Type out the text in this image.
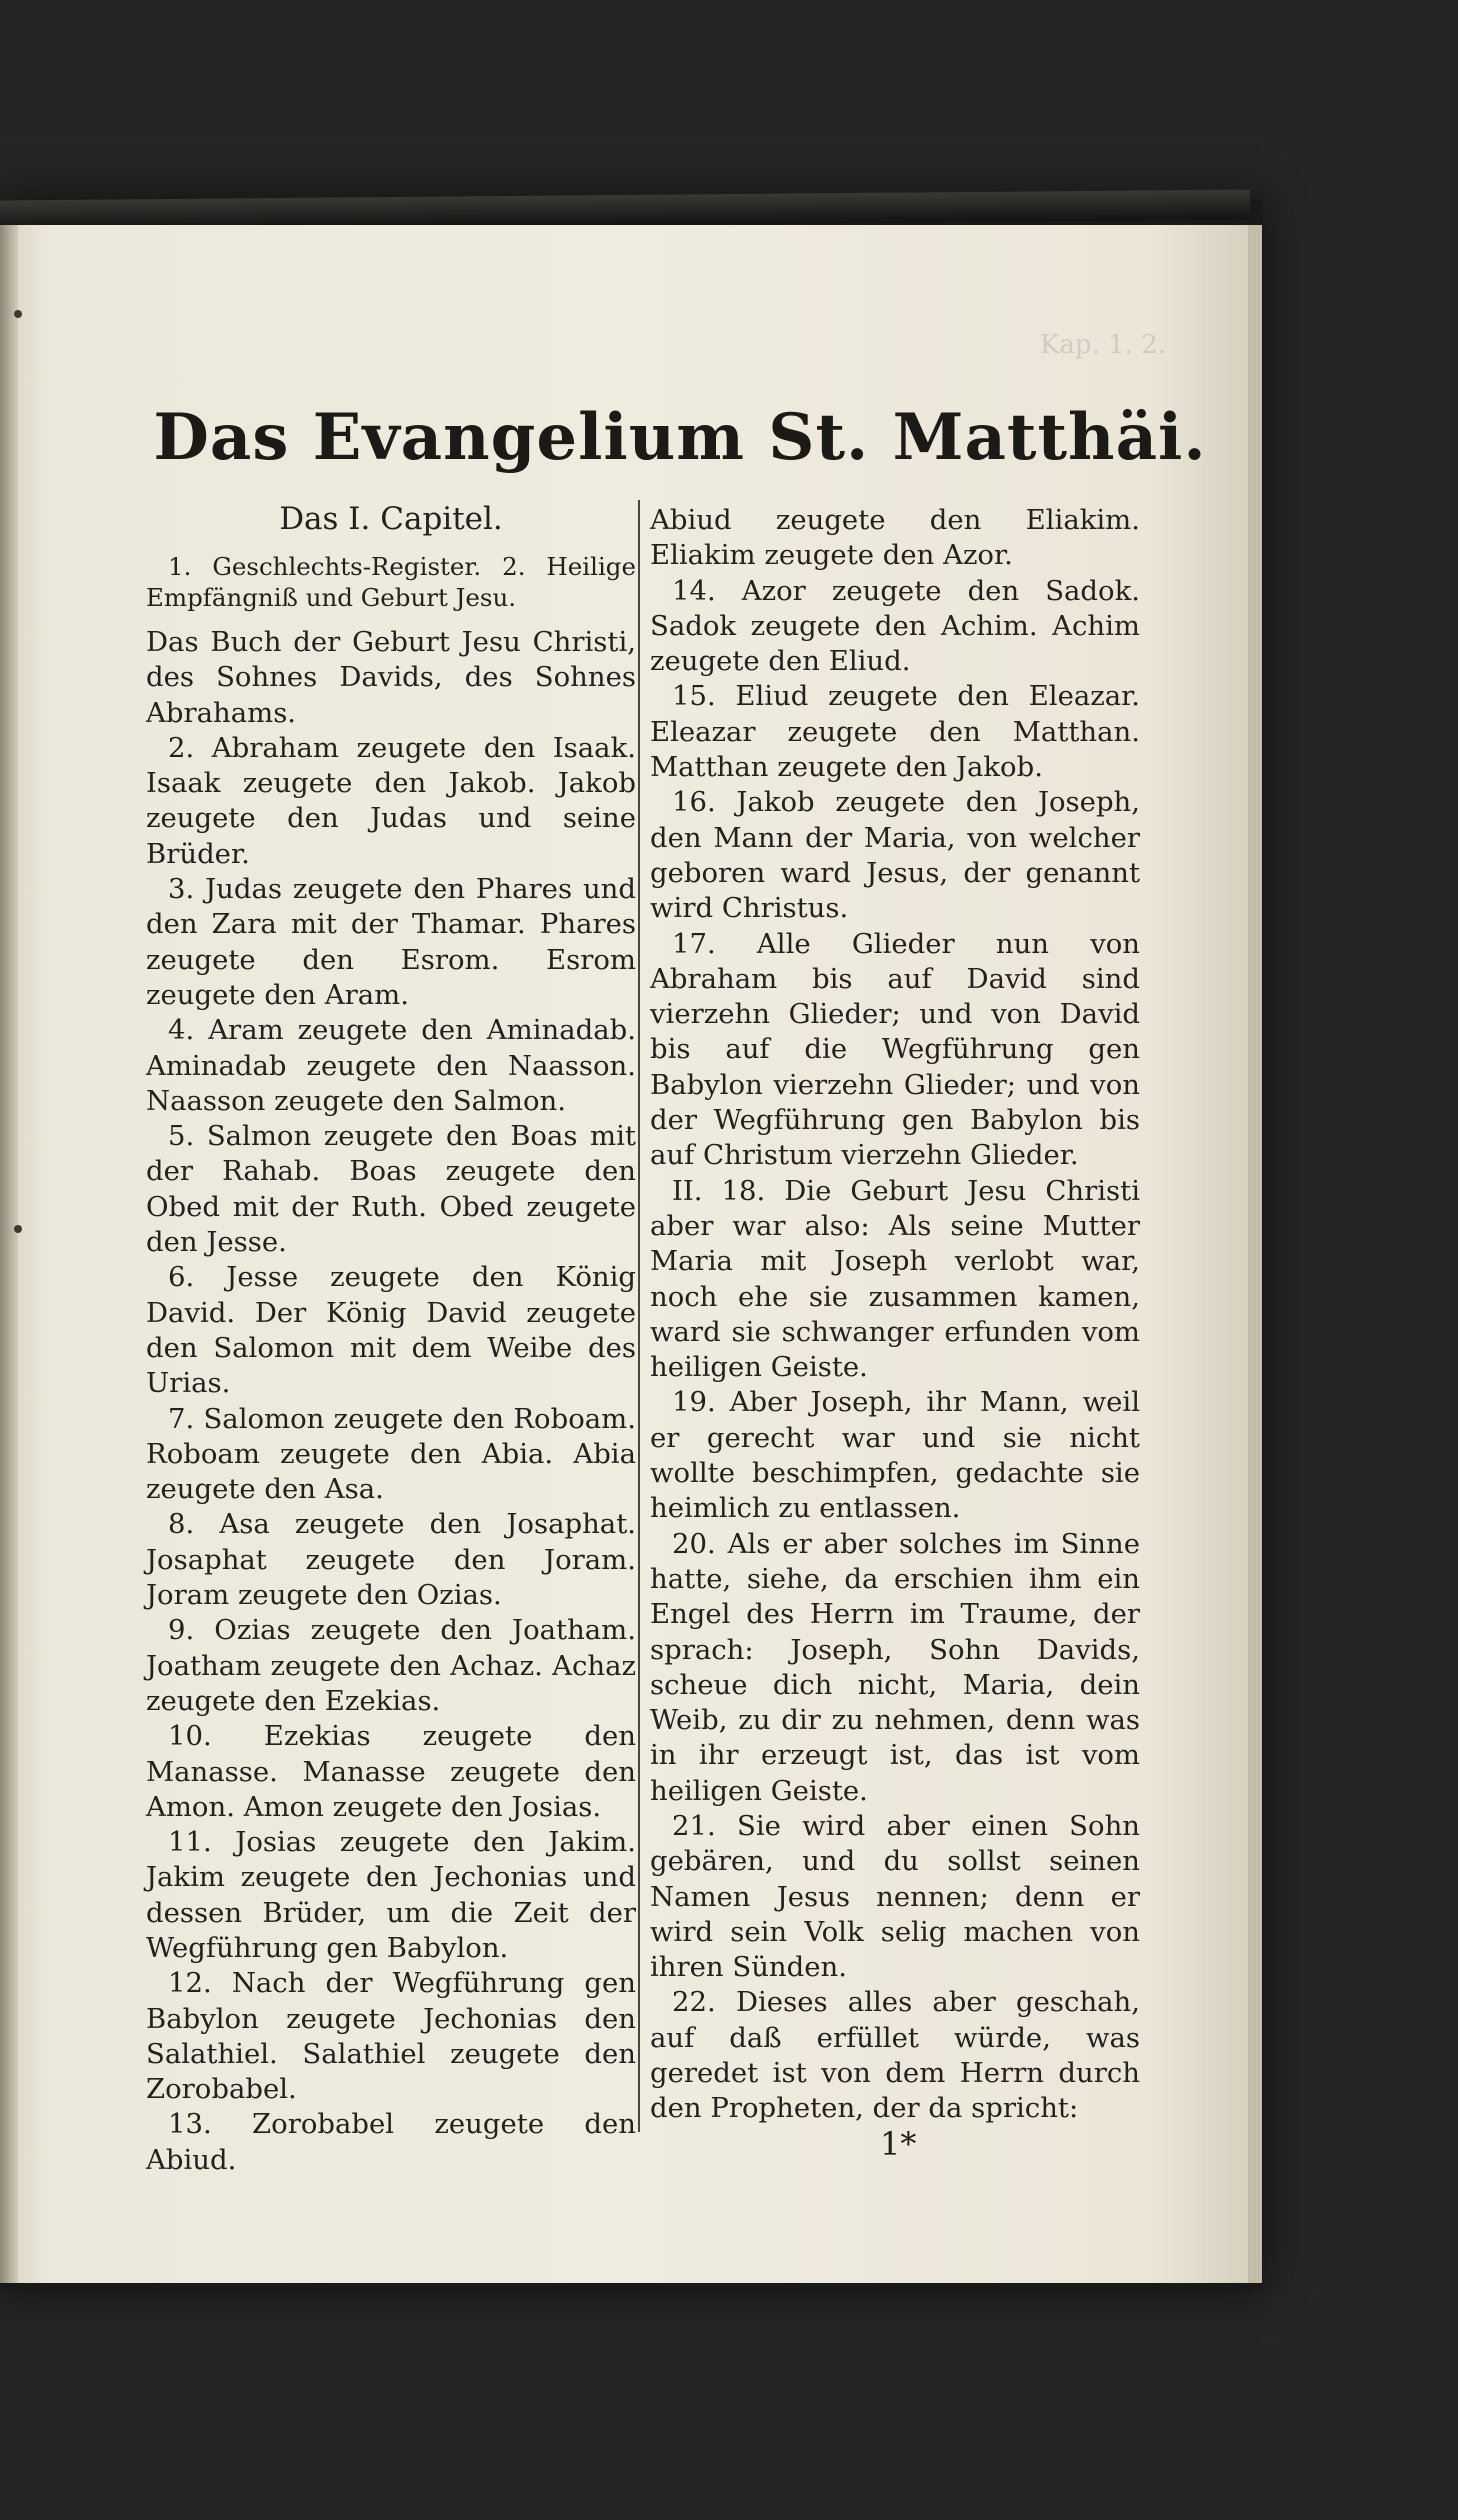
Kap. 1. 2.
Das Evangelium St. Matthäi.
Das I. Capitel.

1. Geschlechts-Register. 2. Heilige Empfängniß und Geburt Jesu.

Das Buch der Geburt Jesu Christi, des Sohnes Davids, des Sohnes Abrahams.

2. Abraham zeugete den Isaak. Isaak zeugete den Jakob. Jakob zeugete den Judas und seine Brüder.

3. Judas zeugete den Phares und den Zara mit der Thamar. Phares zeugete den Esrom. Esrom zeugete den Aram.

4. Aram zeugete den Aminadab. Aminadab zeugete den Naasson. Naasson zeugete den Salmon.

5. Salmon zeugete den Boas mit der Rahab. Boas zeugete den Obed mit der Ruth. Obed zeugete den Jesse.

6. Jesse zeugete den König David. Der König David zeugete den Salomon mit dem Weibe des Urias.

7. Salomon zeugete den Roboam. Roboam zeugete den Abia. Abia zeugete den Asa.

8. Asa zeugete den Josaphat. Josaphat zeugete den Joram. Joram zeugete den Ozias.

9. Ozias zeugete den Joatham. Joatham zeugete den Achaz. Achaz zeugete den Ezekias.

10. Ezekias zeugete den Manasse. Manasse zeugete den Amon. Amon zeugete den Josias.

11. Josias zeugete den Jakim. Jakim zeugete den Jechonias und dessen Brüder, um die Zeit der Wegführung gen Babylon.

12. Nach der Wegführung gen Babylon zeugete Jechonias den Salathiel. Salathiel zeugete den Zorobabel.

13. Zorobabel zeugete den Abiud.

Abiud zeugete den Eliakim. Eliakim zeugete den Azor.

14. Azor zeugete den Sadok. Sadok zeugete den Achim. Achim zeugete den Eliud.

15. Eliud zeugete den Eleazar. Eleazar zeugete den Matthan. Matthan zeugete den Jakob.

16. Jakob zeugete den Joseph, den Mann der Maria, von welcher geboren ward Jesus, der genannt wird Christus.

17. Alle Glieder nun von Abraham bis auf David sind vierzehn Glieder; und von David bis auf die Wegführung gen Babylon vierzehn Glieder; und von der Wegführung gen Babylon bis auf Christum vierzehn Glieder.

II. 18. Die Geburt Jesu Christi aber war also: Als seine Mutter Maria mit Joseph verlobt war, noch ehe sie zusammen kamen, ward sie schwanger erfunden vom heiligen Geiste.

19. Aber Joseph, ihr Mann, weil er gerecht war und sie nicht wollte beschimpfen, gedachte sie heimlich zu entlassen.

20. Als er aber solches im Sinne hatte, siehe, da erschien ihm ein Engel des Herrn im Traume, der sprach: Joseph, Sohn Davids, scheue dich nicht, Maria, dein Weib, zu dir zu nehmen, denn was in ihr erzeugt ist, das ist vom heiligen Geiste.

21. Sie wird aber einen Sohn gebären, und du sollst seinen Namen Jesus nennen; denn er wird sein Volk selig machen von ihren Sünden.

22. Dieses alles aber geschah, auf daß erfüllet würde, was geredet ist von dem Herrn durch den Propheten, der da spricht:

1*
